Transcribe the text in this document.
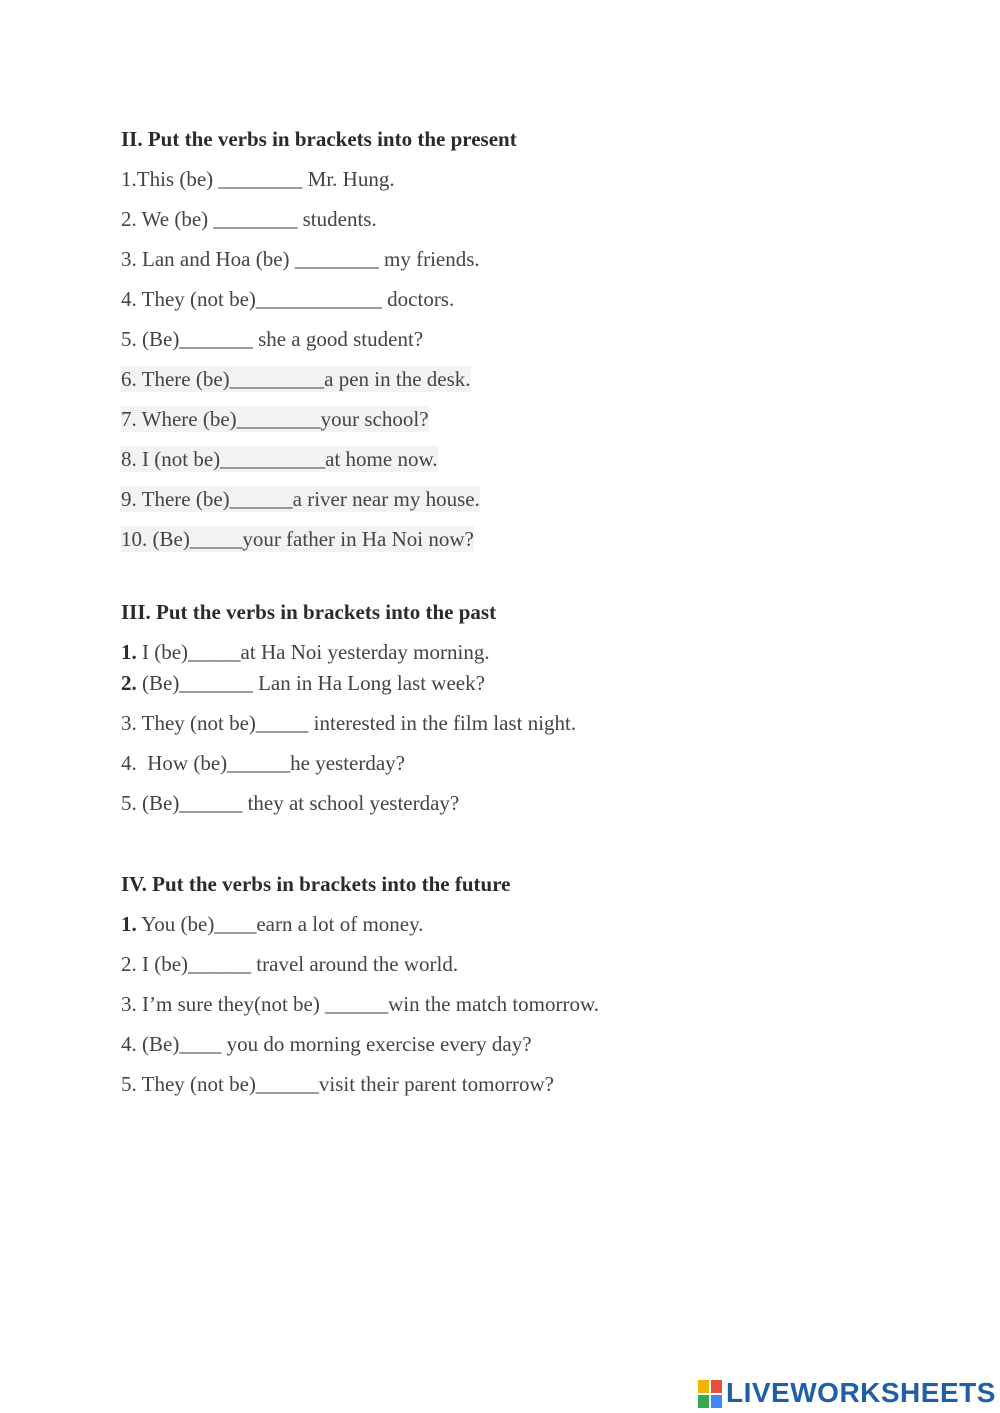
II. Put the verbs in brackets into the present

1.This (be) ________ Mr. Hung.

2. We (be) ________ students.

3. Lan and Hoa (be) ________ my friends.

4. They (not be)____________ doctors.

5. (Be)_______ she a good student?

6. There (be)_________a pen in the desk.

7. Where (be)________your school?

8. I (not be)__________at home now.

9. There (be)______a river near my house.

10. (Be)_____your father in Ha Noi now?

III. Put the verbs in brackets into the past

1. I (be)_____at Ha Noi yesterday morning.

2. (Be)_______ Lan in Ha Long last week?

3. They (not be)_____ interested in the film last night.

4.  How (be)______he yesterday?

5. (Be)______ they at school yesterday?

IV. Put the verbs in brackets into the future

1. You (be)____earn a lot of money.

2. I (be)______ travel around the world.

3. I’m sure they(not be) ______win the match tomorrow.

4. (Be)____ you do morning exercise every day?

5. They (not be)______visit their parent tomorrow?

LIVEWORKSHEETS
